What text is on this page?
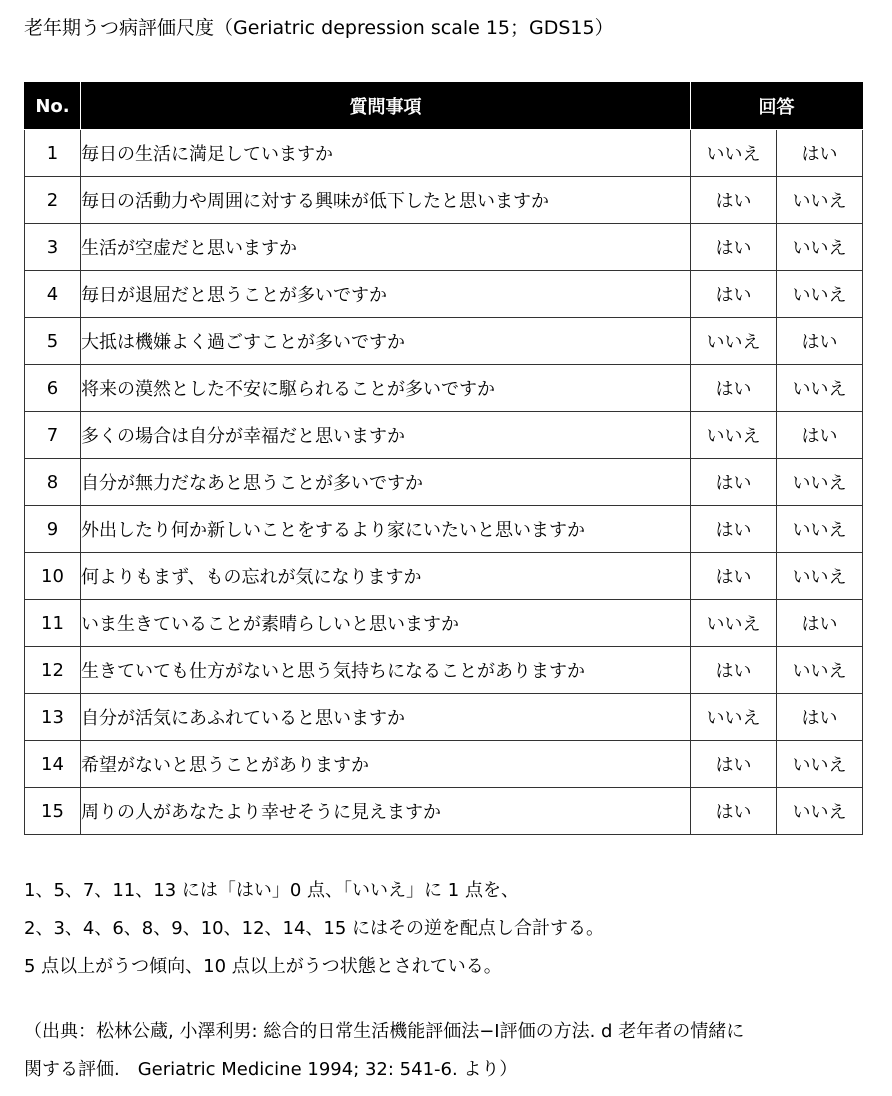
老年期うつ病評価尺度（Geriatric depression scale 15；GDS15）
No.	質問事項	回答	
1	毎日の生活に満足していますか	いいえ	はい
2	毎日の活動力や周囲に対する興味が低下したと思いますか	はい	いいえ
3	生活が空虚だと思いますか	はい	いいえ
4	毎日が退屈だと思うことが多いですか	はい	いいえ
5	大抵は機嫌よく過ごすことが多いですか	いいえ	はい
6	将来の漠然とした不安に駆られることが多いですか	はい	いいえ
7	多くの場合は自分が幸福だと思いますか	いいえ	はい
8	自分が無力だなあと思うことが多いですか	はい	いいえ
9	外出したり何か新しいことをするより家にいたいと思いますか	はい	いいえ
10	何よりもまず、もの忘れが気になりますか	はい	いいえ
11	いま生きていることが素晴らしいと思いますか	いいえ	はい
12	生きていても仕方がないと思う気持ちになることがありますか	はい	いいえ
13	自分が活気にあふれていると思いますか	いいえ	はい
14	希望がないと思うことがありますか	はい	いいえ
15	周りの人があなたより幸せそうに見えますか	はい	いいえ
1、5、7、11、13 には「はい」0 点、「いいえ」に 1 点を、
2、3、4、6、8、9、10、12、14、15 にはその逆を配点し合計する。
5 点以上がうつ傾向、10 点以上がうつ状態とされている。
（出典：松林公蔵, 小澤利男: 総合的日常生活機能評価法−Ⅰ評価の方法. d 老年者の情緒に
関する評価.　Geriatric Medicine 1994; 32: 541-6. より）
